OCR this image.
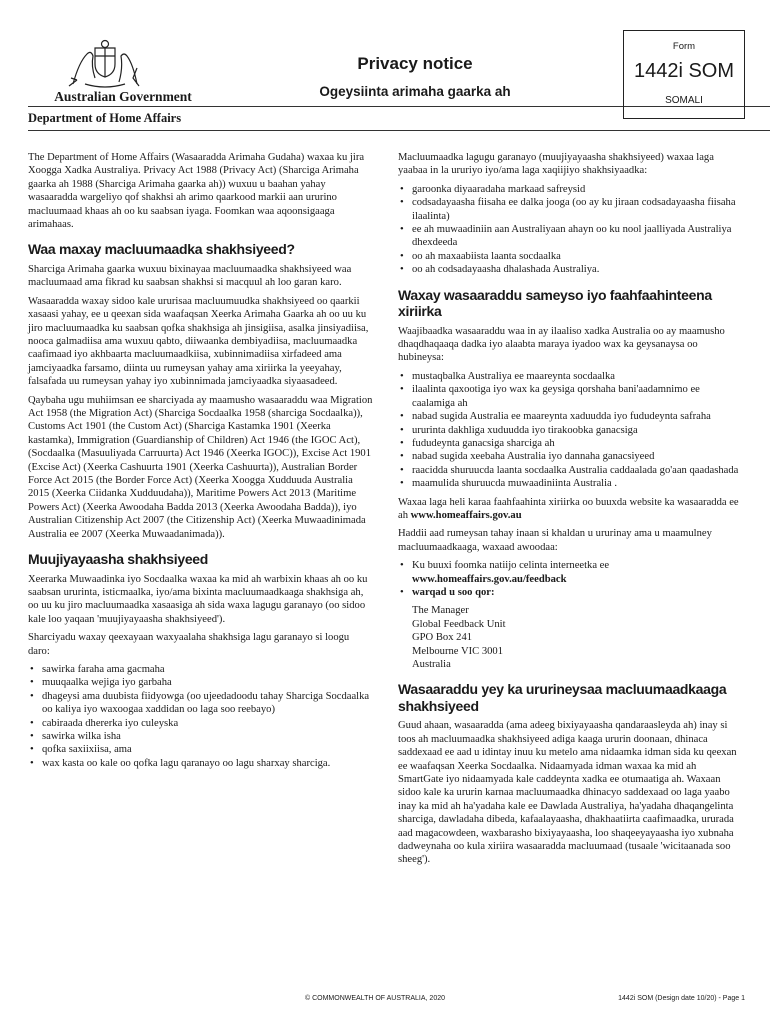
Australian Government
Department of Home Affairs
Privacy notice
Ogeysiinta arimaha gaarka ah
Form
1442i SOM
SOMALI

The Department of Home Affairs (Wasaaradda Arimaha Gudaha) waxaa ku jira Xoogga Xadka Australiya. Privacy Act 1988 (Privacy Act) (Sharciga Arimaha gaarka ah 1988 (Sharciga Arimaha gaarka ah)) wuxuu u baahan yahay wasaaradda wargeliyo qof shakhsi ah arimo qaarkood markii aan ururino macluumaad khaas ah oo ku saabsan iyaga. Foomkan waa aqoonsigaaga arimahaas.

Waa maxay macluumaadka shakhsiyeed?

Sharciga Arimaha gaarka wuxuu bixinayaa macluumaadka shakhsiyeed waa macluumaad ama fikrad ku saabsan shakhsi si macquul ah loo garan karo.

Wasaaradda waxay sidoo kale ururisaa macluumuudka shakhsiyeed oo qaarkii xasaasi yahay, ee u qeexan sida waafaqsan Xeerka Arimaha Gaarka ah oo uu ku jiro macluumaadka ku saabsan qofka shakhsiga ah jinsigiisa, asalka jinsiyadiisa, nooca galmadiisa ama wuxuu qabto, diiwaanka dembiyadiisa, macluumaadka caafimaad iyo akhbaarta macluumaadkiisa, xubinnimadiisa xirfadeed ama jamciyaadka farsamo, diinta uu rumeysan yahay ama xiriirka la yeeyahay, falsafada uu rumeysan yahay iyo xubinnimada jamciyaadka siyaasadeed.

Qaybaha ugu muhiimsan ee sharciyada ay maamusho wasaaraddu waa Migration Act 1958 (the Migration Act) (Sharciga Socdaalka 1958 (sharciga Socdaalka)), Customs Act 1901 (the Custom Act) (Sharciga Kastamka 1901 (Xeerka kastamka), Immigration (Guardianship of Children) Act 1946 (the IGOC Act), (Socdaalka (Masuuliyada Carruurta) Act 1946 (Xeerka IGOC)), Excise Act 1901 (Excise Act) (Xeerka Cashuurta 1901 (Xeerka Cashuurta)), Australian Border Force Act 2015 (the Border Force Act) (Xeerka Xoogga Xudduuda Australia 2015 (Xeerka Ciidanka Xudduudaha)), Maritime Powers Act 2013 (Maritime Powers Act) (Xeerka Awoodaha Badda 2013 (Xeerka Awoodaha Badda)), iyo Australian Citizenship Act 2007 (the Citizenship Act) (Xeerka Muwaadinimada Australia ee 2007 (Xeerka Muwaadanimada)).

Muujiyayaasha shakhsiyeed

Xeerarka Muwaadinka iyo Socdaalka waxaa ka mid ah warbixin khaas ah oo ku saabsan ururinta, isticmaalka, iyo/ama bixinta macluumaadkaaga shakhsiga ah, oo uu ku jiro macluumaadka xasaasiga ah sida waxa lagugu garanayo (oo sidoo kale loo yaqaan 'muujiyayaasha shakhsiyeed').

Sharciyadu waxay qeexayaan waxyaalaha shakhsiga lagu garanayo si loogu daro:

• sawirka faraha ama gacmaha
• muuqaalka wejiga iyo garbaha
• dhageysi ama duubista fiidyowga (oo ujeedadoodu tahay Sharciga Socdaalka oo kaliya iyo waxoogaa xaddidan oo laga soo reebayo)
• cabiraada dhererka iyo culeyska
• sawirka wilka isha
• qofka saxiixiisa, ama
• wax kasta oo kale oo qofka lagu qaranayo oo lagu sharxay sharciga.

Macluumaadka lagugu garanayo (muujiyayaasha shakhsiyeed) waxaa laga yaabaa in la ururiyo iyo/ama laga xaqiijiyo shakhsiyaadka:

• garoonka diyaaradaha markaad safreysid
• codsadayaasha fiisaha ee dalka jooga (oo ay ku jiraan codsadayaasha fiisaha ilaalinta)
• ee ah muwaadiniin aan Australiyaan ahayn oo ku nool jaalliyada Australiya dhexdeeda
• oo ah maxaabiista laanta socdaalka
• oo ah codsadayaasha dhalashada Australiya.
Waxay wasaaraddu sameyso iyo faahfaahinteena xiriirka

Waajibaadka wasaaraddu waa in ay ilaaliso xadka Australia oo ay maamusho dhaqdhaqaaqa dadka iyo alaabta maraya iyadoo wax ka geysanaysa oo hubineysa:

• mustaqbalka Australiya ee maareynta socdaalka
• ilaalinta qaxootiga iyo wax ka geysiga qorshaha bani'aadamnimo ee caalamiga ah
• nabad sugida Australia ee maareynta xaduudda iyo fududeynta safraha
• ururinta dakhliga xuduudda iyo tirakoobka ganacsiga
• fududeynta ganacsiga sharciga ah
• nabad sugida xeebaha Australia iyo dannaha ganacsiyeed
• raacidda shuruucda laanta socdaalka Australia caddaalada go'aan qaadashada
• maamulida shuruucda muwaadiniinta Australia .

Waxaa laga heli karaa faahfaahinta xiriirka oo buuxda website ka wasaaradda ee ah www.homeaffairs.gov.au

Haddii aad rumeysan tahay inaan si khaldan u ururinay ama u maamulney macluumaadkaaga, waxaad awoodaa:

• Ku buuxi foomka natiijo celinta interneetka ee www.homeaffairs.gov.au/feedback
• warqad u soo qor:
The Manager
Global Feedback Unit
GPO Box 241
Melbourne VIC 3001
Australia
Wasaaraddu yey ka ururineysaa macluumaadkaaga shakhsiyeed

Guud ahaan, wasaaradda (ama adeeg bixiyayaasha qandaraasleyda ah) inay si toos ah macluumaadka shakhsiyeed adiga kaaga ururin doonaan, dhinaca saddexaad ee aad u idintay inuu ku metelo ama nidaamka idman sida ku qeexan ee waafaqsan Xeerka Socdaalka. Nidaamyada idman waxaa ka mid ah SmartGate iyo nidaamyada kale caddeynta xadka ee otumaatiga ah. Waxaan sidoo kale ka ururin karnaa macluumaadka dhinacyo saddexaad oo laga yaabo inay ka mid ah ha'yadaha kale ee Dawlada Australiya, ha'yadaha dhaqangelinta sharciga, dawladaha dibeda, kafaalayaasha, dhakhaatiirta caafimaadka, ururada aad magacowdeen, waxbarasho bixiyayaasha, loo shaqeeyayaasha iyo xubnaha dadweynaha oo kula xiriira wasaaradda macluumaad (tusaale 'wicitaanada soo sheeg').

© COMMONWEALTH OF AUSTRALIA, 2020	1442i SOM (Design date 10/20) - Page 1
